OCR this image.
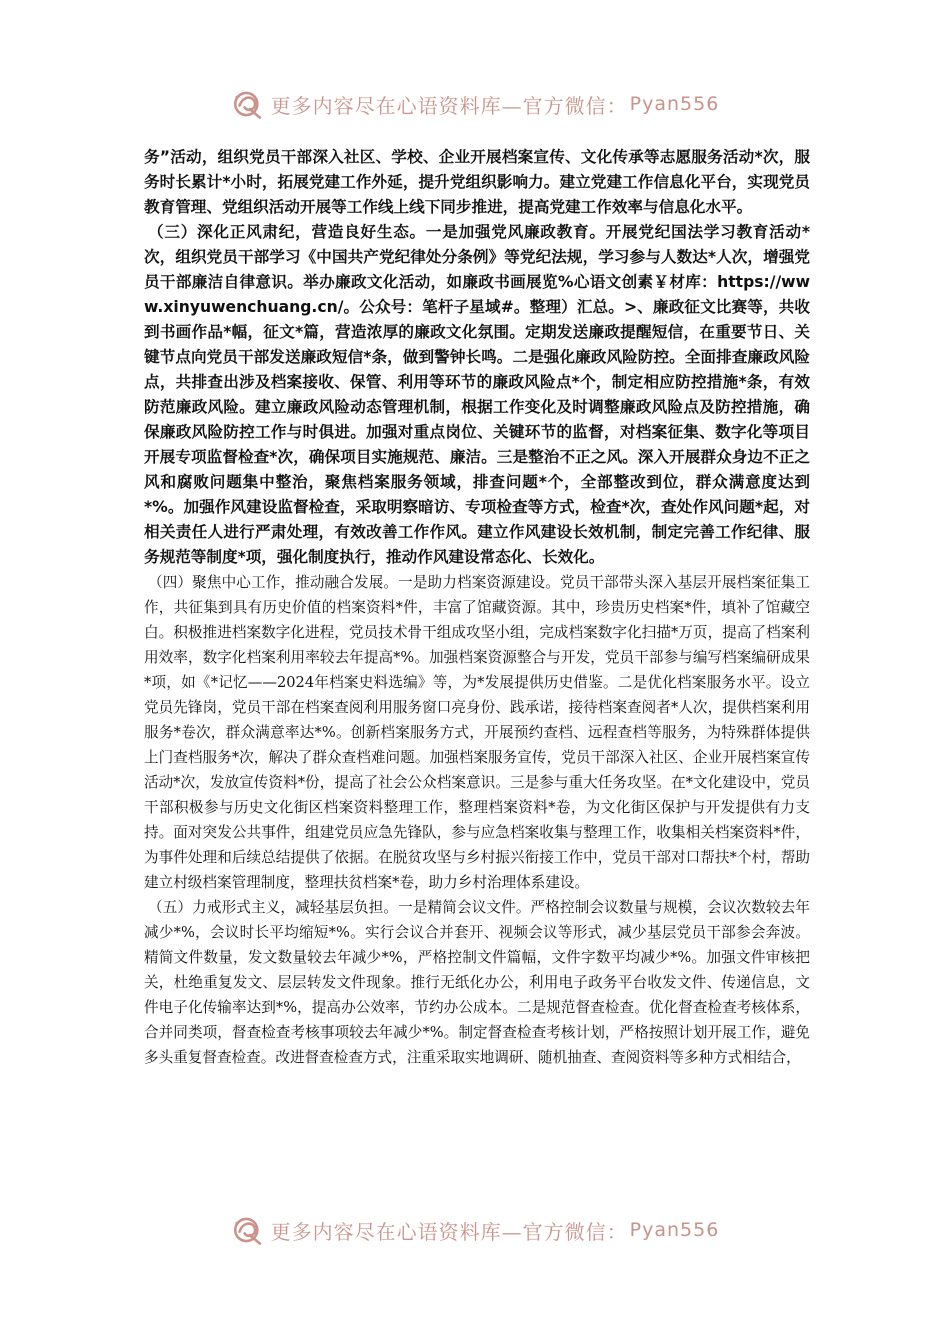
更多内容尽在心语资料库—官方微信： Pyan556

务”活动，组织党员干部深入社区、学校、企业开展档案宣传、文化传承等志愿服务活动*次，服务时长累计*小时，拓展党建工作外延，提升党组织影响力。建立党建工作信息化平台，实现党员教育管理、党组织活动开展等工作线上线下同步推进，提高党建工作效率与信息化水平。

（三）深化正风肃纪，营造良好生态。一是加强党风廉政教育。开展党纪国法学习教育活动*次，组织党员干部学习《中国共产党纪律处分条例》等党纪法规，学习参与人数达*人次，增强党员干部廉洁自律意识。举办廉政文化活动，如廉政书画展览%心语文创素￥材库：https://www.xinyuwenchuang.cn/。公众号：笔杆子星域#。整理）汇总。>、廉政征文比赛等，共收到书画作品*幅，征文*篇，营造浓厚的廉政文化氛围。定期发送廉政提醒短信，在重要节日、关键节点向党员干部发送廉政短信*条，做到警钟长鸣。二是强化廉政风险防控。全面排查廉政风险点，共排查出涉及档案接收、保管、利用等环节的廉政风险点*个，制定相应防控措施*条，有效防范廉政风险。建立廉政风险动态管理机制，根据工作变化及时调整廉政风险点及防控措施，确保廉政风险防控工作与时俱进。加强对重点岗位、关键环节的监督，对档案征集、数字化等项目开展专项监督检查*次，确保项目实施规范、廉洁。三是整治不正之风。深入开展群众身边不正之风和腐败问题集中整治，聚焦档案服务领域，排查问题*个，全部整改到位，群众满意度达到*%。加强作风建设监督检查，采取明察暗访、专项检查等方式，检查*次，查处作风问题*起，对相关责任人进行严肃处理，有效改善工作作风。建立作风建设长效机制，制定完善工作纪律、服务规范等制度*项，强化制度执行，推动作风建设常态化、长效化。

（四）聚焦中心工作，推动融合发展。一是助力档案资源建设。党员干部带头深入基层开展档案征集工作，共征集到具有历史价值的档案资料*件，丰富了馆藏资源。其中，珍贵历史档案*件，填补了馆藏空白。积极推进档案数字化进程，党员技术骨干组成攻坚小组，完成档案数字化扫描*万页，提高了档案利用效率，数字化档案利用率较去年提高*%。加强档案资源整合与开发，党员干部参与编写档案编研成果*项，如《*记忆——2024年档案史料选编》等，为*发展提供历史借鉴。二是优化档案服务水平。设立党员先锋岗，党员干部在档案查阅利用服务窗口亮身份、践承诺，接待档案查阅者*人次，提供档案利用服务*卷次，群众满意率达*%。创新档案服务方式，开展预约查档、远程查档等服务，为特殊群体提供上门查档服务*次，解决了群众查档难问题。加强档案服务宣传，党员干部深入社区、企业开展档案宣传活动*次，发放宣传资料*份，提高了社会公众档案意识。三是参与重大任务攻坚。在*文化建设中，党员干部积极参与历史文化街区档案资料整理工作，整理档案资料*卷，为文化街区保护与开发提供有力支持。面对突发公共事件，组建党员应急先锋队，参与应急档案收集与整理工作，收集相关档案资料*件，为事件处理和后续总结提供了依据。在脱贫攻坚与乡村振兴衔接工作中，党员干部对口帮扶*个村，帮助建立村级档案管理制度，整理扶贫档案*卷，助力乡村治理体系建设。

（五）力戒形式主义，减轻基层负担。一是精简会议文件。严格控制会议数量与规模，会议次数较去年减少*%，会议时长平均缩短*%。实行会议合并套开、视频会议等形式，减少基层党员干部参会奔波。精简文件数量，发文数量较去年减少*%，严格控制文件篇幅，文件字数平均减少*%。加强文件审核把关，杜绝重复发文、层层转发文件现象。推行无纸化办公，利用电子政务平台收发文件、传递信息，文件电子化传输率达到*%，提高办公效率，节约办公成本。二是规范督查检查。优化督查检查考核体系，合并同类项，督查检查考核事项较去年减少*%。制定督查检查考核计划，严格按照计划开展工作，避免多头重复督查检查。改进督查检查方式，注重采取实地调研、随机抽查、查阅资料等多种方式相结合，

更多内容尽在心语资料库—官方微信： Pyan556
